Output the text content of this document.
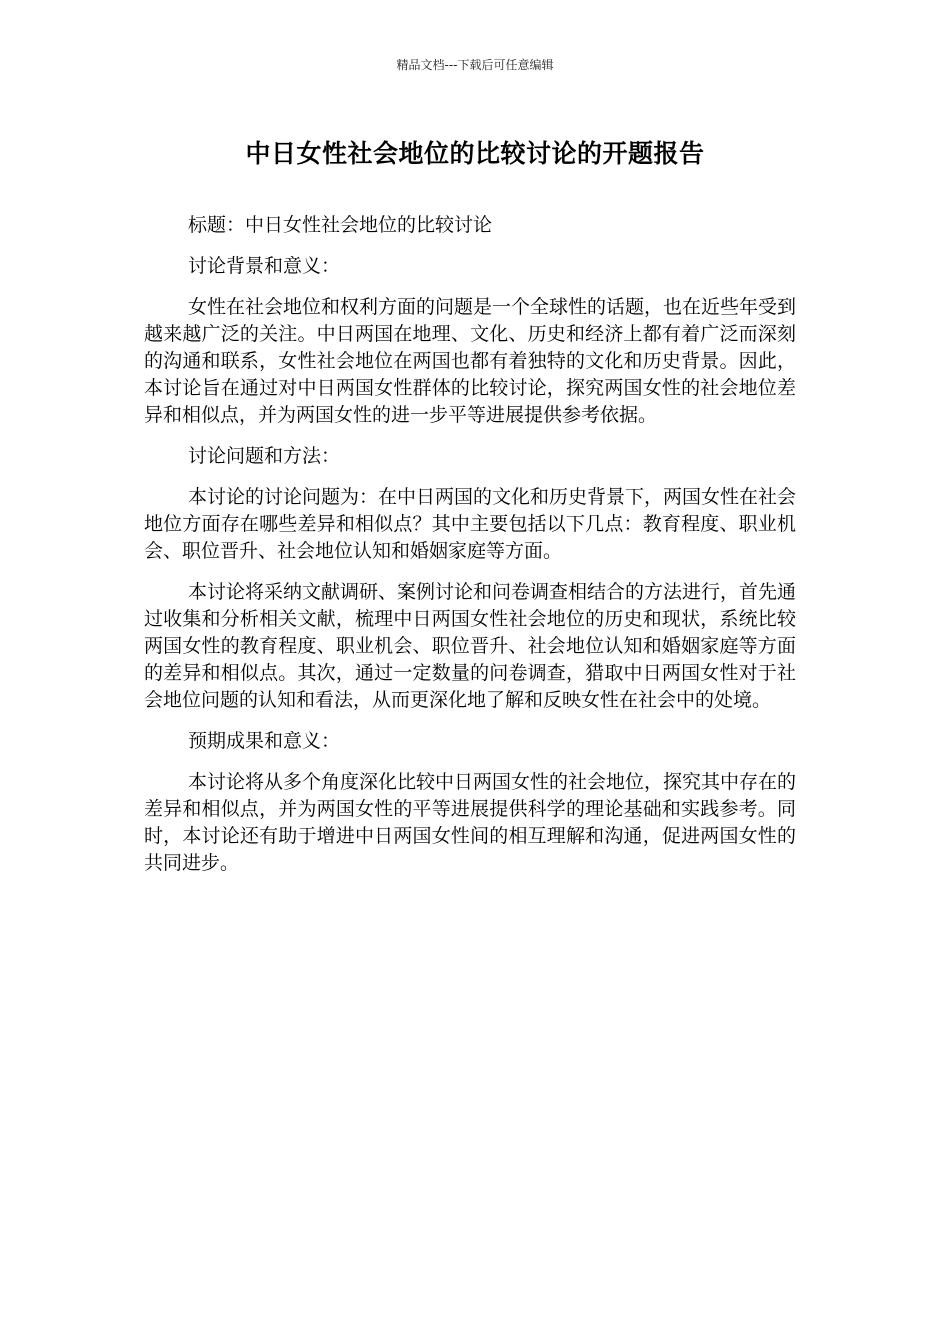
精品文档---下载后可任意编辑
中日女性社会地位的比较讨论的开题报告

标题：中日女性社会地位的比较讨论

讨论背景和意义：

女性在社会地位和权利方面的问题是一个全球性的话题，也在近些年受到越来越广泛的关注。中日两国在地理、文化、历史和经济上都有着广泛而深刻的沟通和联系，女性社会地位在两国也都有着独特的文化和历史背景。因此，本讨论旨在通过对中日两国女性群体的比较讨论，探究两国女性的社会地位差异和相似点，并为两国女性的进一步平等进展提供参考依据。

讨论问题和方法：

本讨论的讨论问题为：在中日两国的文化和历史背景下，两国女性在社会地位方面存在哪些差异和相似点？其中主要包括以下几点：教育程度、职业机会、职位晋升、社会地位认知和婚姻家庭等方面。

本讨论将采纳文献调研、案例讨论和问卷调查相结合的方法进行，首先通过收集和分析相关文献，梳理中日两国女性社会地位的历史和现状，系统比较两国女性的教育程度、职业机会、职位晋升、社会地位认知和婚姻家庭等方面的差异和相似点。其次，通过一定数量的问卷调查，猎取中日两国女性对于社会地位问题的认知和看法，从而更深化地了解和反映女性在社会中的处境。

预期成果和意义：

本讨论将从多个角度深化比较中日两国女性的社会地位，探究其中存在的差异和相似点，并为两国女性的平等进展提供科学的理论基础和实践参考。同时，本讨论还有助于增进中日两国女性间的相互理解和沟通，促进两国女性的共同进步。
